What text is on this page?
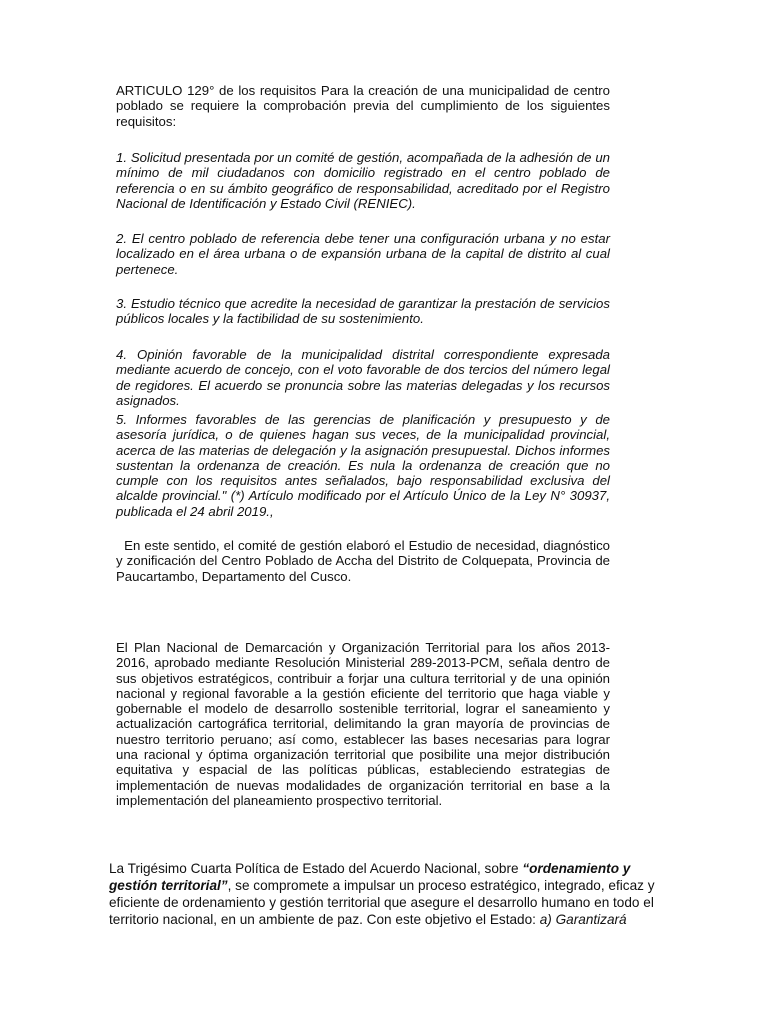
ARTICULO 129° de los requisitos Para la creación de una municipalidad de centro poblado se requiere la comprobación previa del cumplimiento de los siguientes requisitos:

1. Solicitud presentada por un comité de gestión, acompañada de la adhesión de un mínimo de mil ciudadanos con domicilio registrado en el centro poblado de referencia o en su ámbito geográfico de responsabilidad, acreditado por el Registro Nacional de Identificación y Estado Civil (RENIEC).

2. El centro poblado de referencia debe tener una configuración urbana y no estar localizado en el área urbana o de expansión urbana de la capital de distrito al cual pertenece.

3. Estudio técnico que acredite la necesidad de garantizar la prestación de servicios públicos locales y la factibilidad de su sostenimiento.

4. Opinión favorable de la municipalidad distrital correspondiente expresada mediante acuerdo de concejo, con el voto favorable de dos tercios del número legal de regidores. El acuerdo se pronuncia sobre las materias delegadas y los recursos asignados.

5. Informes favorables de las gerencias de planificación y presupuesto y de asesoría jurídica, o de quienes hagan sus veces, de la municipalidad provincial, acerca de las materias de delegación y la asignación presupuestal. Dichos informes sustentan la ordenanza de creación. Es nula la ordenanza de creación que no cumple con los requisitos antes señalados, bajo responsabilidad exclusiva del alcalde provincial." (*) Artículo modificado por el Artículo Único de la Ley N° 30937, publicada el 24 abril 2019.,

En este sentido, el comité de gestión elaboró el Estudio de necesidad, diagnóstico y zonificación del Centro Poblado de Accha del Distrito de Colquepata, Provincia de Paucartambo, Departamento del Cusco.

El Plan Nacional de Demarcación y Organización Territorial para los años 2013-2016, aprobado mediante Resolución Ministerial 289-2013-PCM, señala dentro de sus objetivos estratégicos, contribuir a forjar una cultura territorial y de una opinión nacional y regional favorable a la gestión eficiente del territorio que haga viable y gobernable el modelo de desarrollo sostenible territorial, lograr el saneamiento y actualización cartográfica territorial, delimitando la gran mayoría de provincias de nuestro territorio peruano; así como, establecer las bases necesarias para lograr una racional y óptima organización territorial que posibilite una mejor distribución equitativa y espacial de las políticas públicas, estableciendo estrategias de implementación de nuevas modalidades de organización territorial en base a la implementación del planeamiento prospectivo territorial.

La Trigésimo Cuarta Política de Estado del Acuerdo Nacional, sobre “ordenamiento y gestión territorial”, se compromete a impulsar un proceso estratégico, integrado, eficaz y eficiente de ordenamiento y gestión territorial que asegure el desarrollo humano en todo el territorio nacional, en un ambiente de paz. Con este objetivo el Estado: a) Garantizará
